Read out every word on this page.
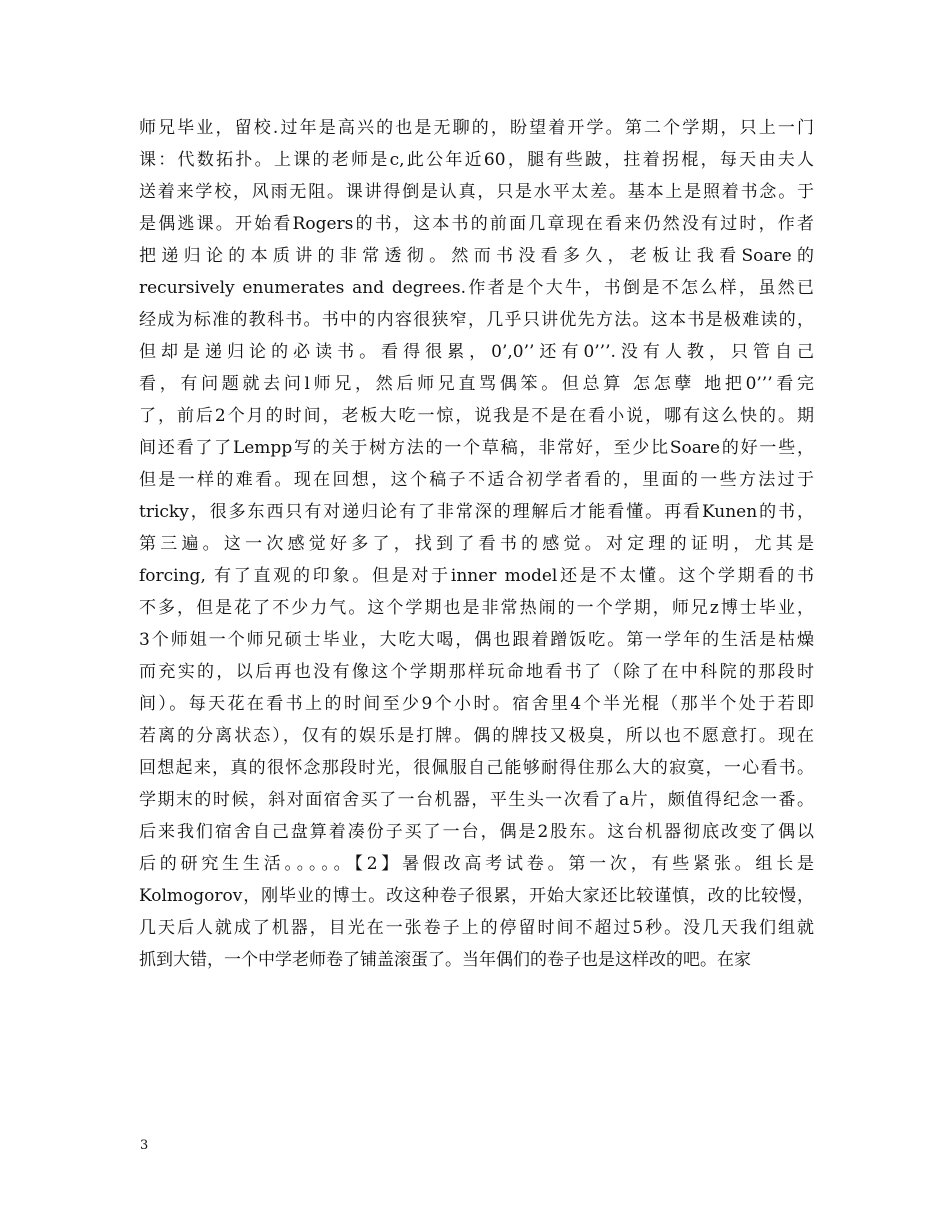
师兄毕业，留校.过年是高兴的也是无聊的，盼望着开学。第二个学期，只上一门
课：代数拓扑。上课的老师是c,此公年近60，腿有些跛，拄着拐棍，每天由夫人
送着来学校，风雨无阻。课讲得倒是认真，只是水平太差。基本上是照着书念。于
是偶逃课。开始看Rogers的书，这本书的前面几章现在看来仍然没有过时，作者
把递归论的本质讲的非常透彻。然而书没看多久，老板让我看Soare的
recursively enumerates and degrees.作者是个大牛，书倒是不怎么样，虽然已
经成为标准的教科书。书中的内容很狭窄，几乎只讲优先方法。这本书是极难读的，
但却是递归论的必读书。看得很累，0’,0’’还有0’’’.没有人教，只管自己
看，有问题就去问l师兄，然后师兄直骂偶笨。但总算 怎怎孽 地把0’’’看完
了，前后2个月的时间，老板大吃一惊，说我是不是在看小说，哪有这么快的。期
间还看了了Lempp写的关于树方法的一个草稿，非常好，至少比Soare的好一些，
但是一样的难看。现在回想，这个稿子不适合初学者看的，里面的一些方法过于
tricky，很多东西只有对递归论有了非常深的理解后才能看懂。再看Kunen的书，
第三遍。这一次感觉好多了，找到了看书的感觉。对定理的证明，尤其是
forcing, 有了直观的印象。但是对于inner model还是不太懂。这个学期看的书
不多，但是花了不少力气。这个学期也是非常热闹的一个学期，师兄z博士毕业，
3个师姐一个师兄硕士毕业，大吃大喝，偶也跟着蹭饭吃。第一学年的生活是枯燥
而充实的，以后再也没有像这个学期那样玩命地看书了（除了在中科院的那段时
间）。每天花在看书上的时间至少9个小时。宿舍里4个半光棍（那半个处于若即
若离的分离状态），仅有的娱乐是打牌。偶的牌技又极臭，所以也不愿意打。现在
回想起来，真的很怀念那段时光，很佩服自己能够耐得住那么大的寂寞，一心看书。
学期末的时候，斜对面宿舍买了一台机器，平生头一次看了a片，颇值得纪念一番。
后来我们宿舍自己盘算着凑份子买了一台，偶是2股东。这台机器彻底改变了偶以
后的研究生生活。。。。。【2】暑假改高考试卷。第一次，有些紧张。组长是
Kolmogorov，刚毕业的博士。改这种卷子很累，开始大家还比较谨慎，改的比较慢，
几天后人就成了机器，目光在一张卷子上的停留时间不超过5秒。没几天我们组就
抓到大错，一个中学老师卷了铺盖滚蛋了。当年偶们的卷子也是这样改的吧。在家
3
